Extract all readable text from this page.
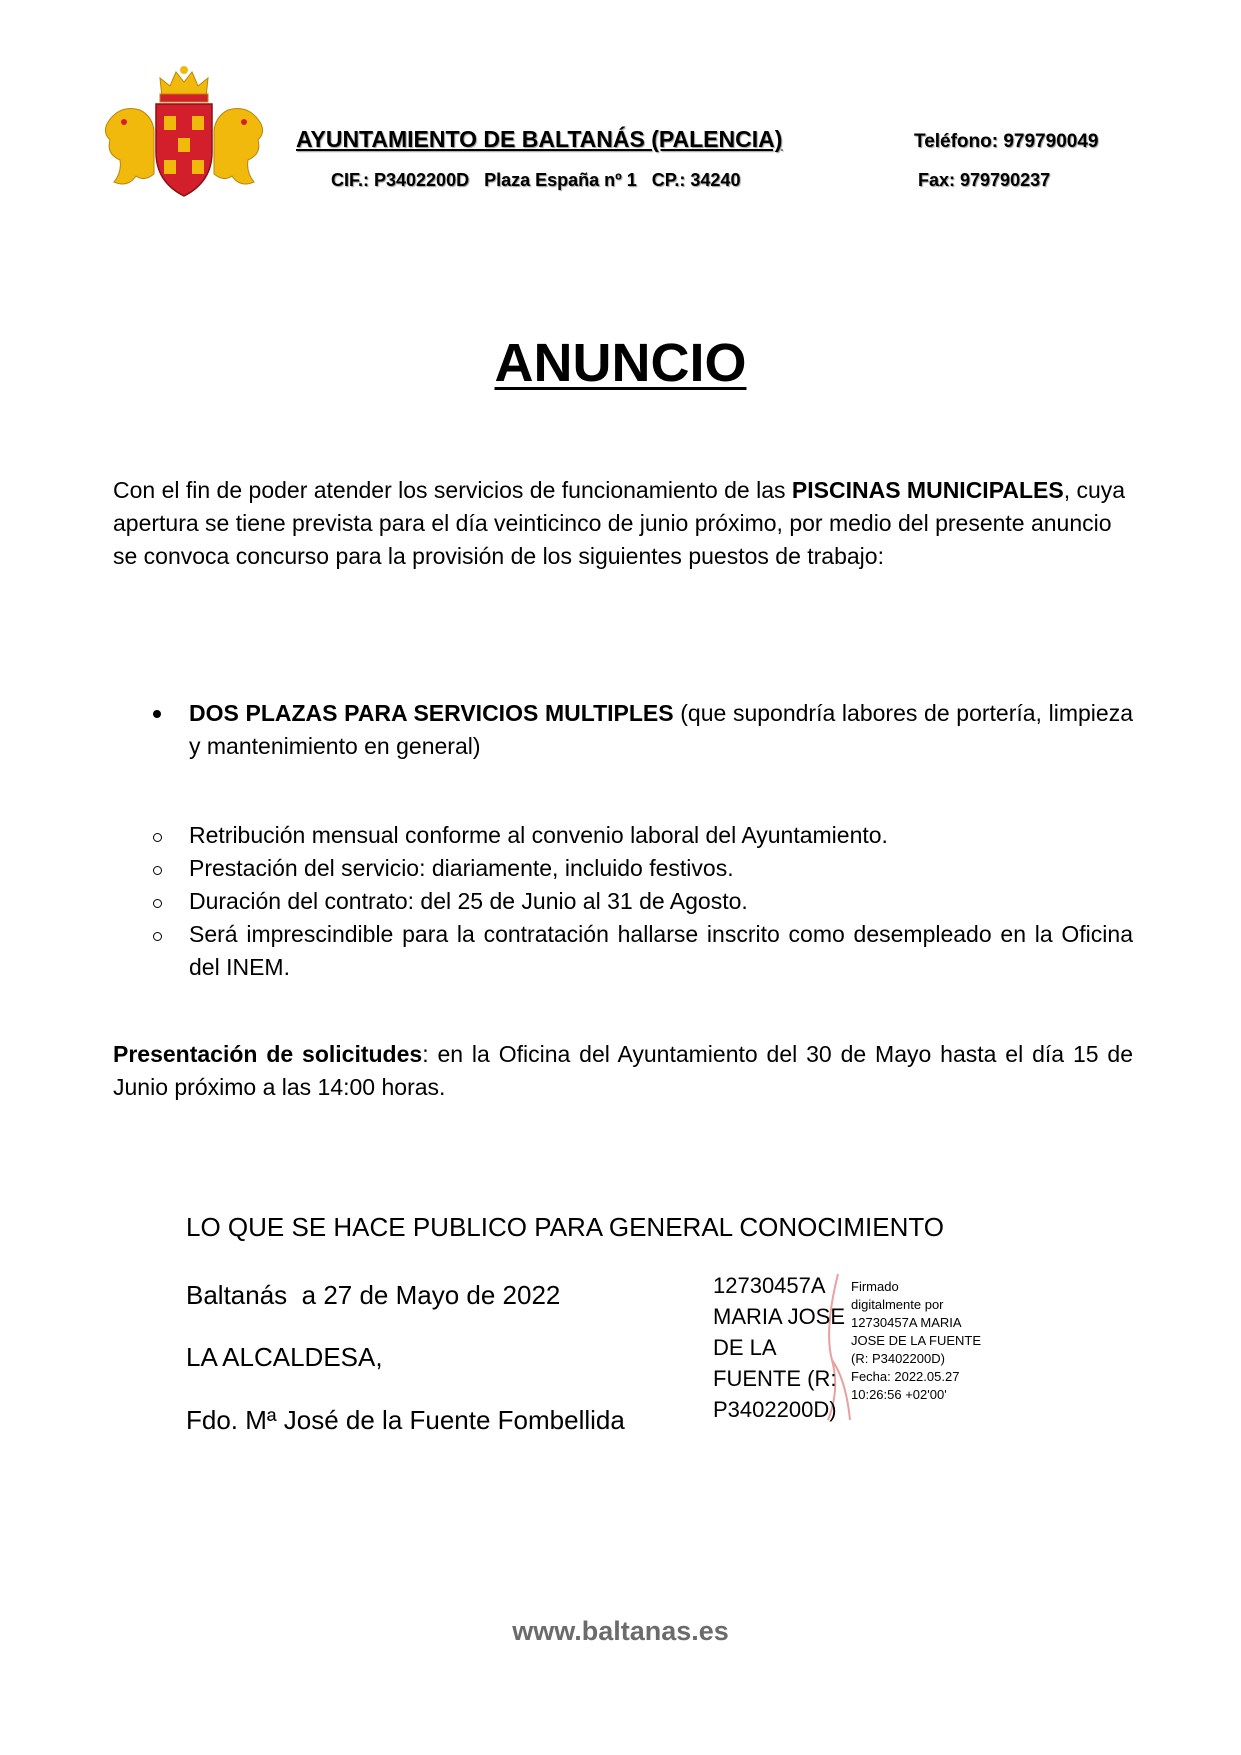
AYUNTAMIENTO DE BALTANÁS (PALENCIA)	Teléfono: 979790049
CIF.: P3402200D   Plaza España nº 1   CP.: 34240	Fax: 979790237
ANUNCIO
Con el fin de poder atender los servicios de funcionamiento de las PISCINAS MUNICIPALES, cuya apertura se tiene prevista para el día veinticinco de junio próximo, por medio del presente anuncio se convoca concurso para la provisión de los siguientes puestos de trabajo:
DOS PLAZAS PARA SERVICIOS MULTIPLES (que supondría labores de portería, limpieza y mantenimiento en general)
Retribución mensual conforme al convenio laboral del Ayuntamiento.
Prestación del servicio: diariamente, incluido festivos.
Duración del contrato: del 25 de Junio al 31 de Agosto.
Será imprescindible para la contratación hallarse inscrito como desempleado en la Oficina del INEM.
Presentación de solicitudes: en la Oficina del Ayuntamiento del 30 de Mayo hasta el día 15 de Junio próximo a las 14:00 horas.
LO QUE SE HACE PUBLICO PARA GENERAL CONOCIMIENTO
Baltanás  a 27 de Mayo de 2022
LA ALCALDESA,
Fdo. Mª José de la Fuente Fombellida
12730457A
MARIA JOSE
DE LA
FUENTE (R:
P3402200D)
Firmado
digitalmente por
12730457A MARIA
JOSE DE LA FUENTE
(R: P3402200D)
Fecha: 2022.05.27
10:26:56 +02'00'
www.baltanas.es
